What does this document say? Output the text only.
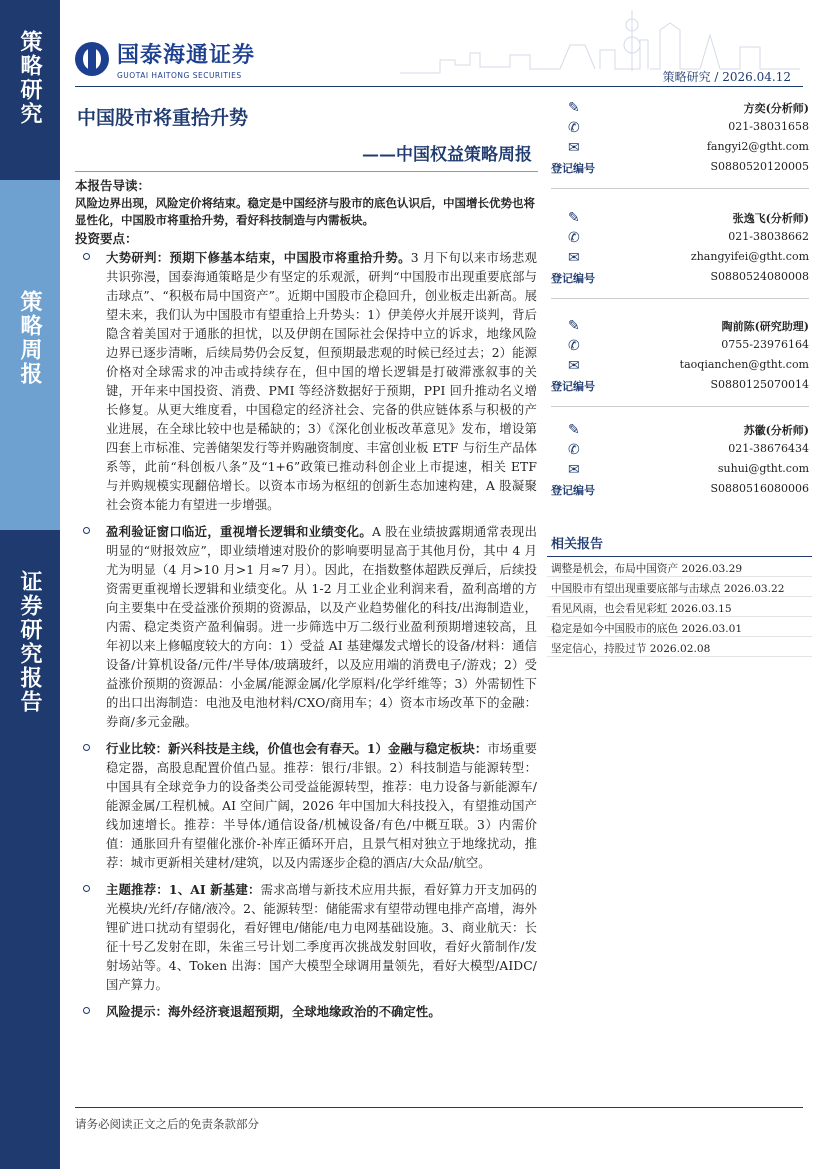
策略研究
策略周报
证券研究报告
国泰海通证券
GUOTAI HAITONG SECURITIES	策略研究 / 2026.04.12
中国股市将重拾升势
——中国权益策略周报

本报告导读：

风险边界出现，风险定价将结束。稳定是中国经济与股市的底色认识后，中国增长优势也将显性化，中国股市将重拾升势，看好科技制造与内需板块。

投资要点：

大势研判：预期下修基本结束，中国股市将重拾升势。3 月下旬以来市场悲观共识弥漫，国泰海通策略是少有坚定的乐观派，研判“中国股市出现重要底部与击球点”、“积极布局中国资产”。近期中国股市企稳回升，创业板走出新高。展望未来，我们认为中国股市有望重拾上升势头：1）伊美停火并展开谈判，背后隐含着美国对于通胀的担忧，以及伊朗在国际社会保持中立的诉求，地缘风险边界已逐步清晰，后续局势仍会反复，但预期最悲观的时候已经过去；2）能源价格对全球需求的冲击或持续存在，但中国的增长逻辑是打破滞涨叙事的关键，开年来中国投资、消费、PMI 等经济数据好于预期，PPI 回升推动名义增长修复。从更大维度看，中国稳定的经济社会、完备的供应链体系与积极的产业进展，在全球比较中也是稀缺的；3）《深化创业板改革意见》发布，增设第四套上市标准、完善储架发行等并购融资制度、丰富创业板 ETF 与衍生产品体系等，此前“科创板八条”及“1+6”政策已推动科创企业上市提速，相关 ETF 与并购规模实现翻倍增长。以资本市场为枢纽的创新生态加速构建，A 股凝聚社会资本能力有望进一步增强。

盈利验证窗口临近，重视增长逻辑和业绩变化。A 股在业绩披露期通常表现出明显的“财报效应”，即业绩增速对股价的影响要明显高于其他月份，其中 4 月尤为明显（4 月>10 月>1 月≈7 月）。因此，在指数整体超跌反弹后，后续投资需更重视增长逻辑和业绩变化。从 1-2 月工业企业利润来看，盈利高增的方向主要集中在受益涨价预期的资源品，以及产业趋势催化的科技/出海制造业，内需、稳定类资产盈利偏弱。进一步筛选中万二级行业盈利预期增速较高，且年初以来上修幅度较大的方向：1）受益 AI 基建爆发式增长的设备/材料：通信设备/计算机设备/元件/半导体/玻璃玻纤，以及应用端的消费电子/游戏；2）受益涨价预期的资源品：小金属/能源金属/化学原料/化学纤维等；3）外需韧性下的出口出海制造：电池及电池材料/CXO/商用车；4）资本市场改革下的金融：券商/多元金融。

行业比较：新兴科技是主线，价值也会有春天。1）金融与稳定板块：市场重要稳定器，高股息配置价值凸显。推荐：银行/非银。2）科技制造与能源转型：中国具有全球竞争力的设备类公司受益能源转型，推荐：电力设备与新能源车/能源金属/工程机械。AI 空间广阔，2026 年中国加大科技投入，有望推动国产线加速增长。推荐：半导体/通信设备/机械设备/有色/中概互联。3）内需价值：通胀回升有望催化涨价-补库正循环开启，且景气相对独立于地缘扰动，推荐：城市更新相关建材/建筑，以及内需逐步企稳的酒店/大众品/航空。

主题推荐：1、AI 新基建：需求高增与新技术应用共振，看好算力开支加码的光模块/光纤/存储/液冷。2、能源转型：储能需求有望带动锂电排产高增，海外锂矿进口扰动有望弱化，看好锂电/储能/电力电网基础设施。3、商业航天：长征十号乙发射在即，朱雀三号计划二季度再次挑战发射回收，看好火箭制作/发射场站等。4、Token 出海：国产大模型全球调用量领先，看好大模型/AIDC/国产算力。

风险提示：海外经济衰退超预期，全球地缘政治的不确定性。

✎	方奕(分析师)
✆	021-38031658
✉	fangyi2@gtht.com
登记编号	S0880520120005
✎	张逸飞(分析师)
✆	021-38038662
✉	zhangyifei@gtht.com
登记编号	S0880524080008
✎	陶前陈(研究助理)
✆	0755-23976164
✉	taoqianchen@gtht.com
登记编号	S0880125070014
✎	苏徽(分析师)
✆	021-38676434
✉	suhui@gtht.com
登记编号	S0880516080006
相关报告
调整是机会，布局中国资产 2026.03.29
中国股市有望出现重要底部与击球点 2026.03.22
看见风雨，也会看见彩虹 2026.03.15
稳定是如今中国股市的底色 2026.03.01
坚定信心，持股过节 2026.02.08
请务必阅读正文之后的免责条款部分
